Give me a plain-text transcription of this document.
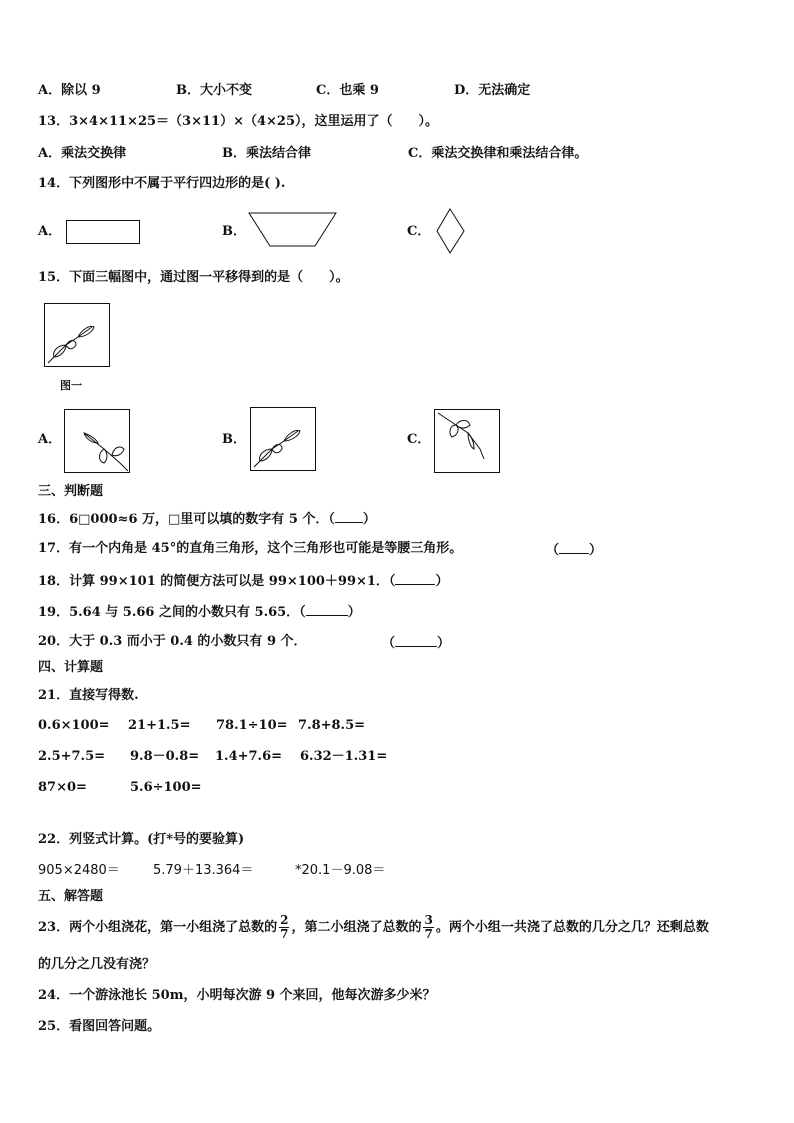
A．除以 9	B．大小不变	C．也乘 9	D．无法确定
13．3×4×11×25＝（3×11）×（4×25），这里运用了（　　）。
A．乘法交换律	B．乘法结合律	C．乘法交换律和乘法结合律。
14．下列图形中不属于平行四边形的是( ).
A．	B．	C．
15．下面三幅图中，通过图一平移得到的是（　　）。
图一
A．	B．	C．
三、判断题
16．6□000≈6 万，□里可以填的数字有 5 个．（ ）
17．有一个内角是 45°的直角三角形，这个三角形也可能是等腰三角形。	（ ）
18．计算 99×101 的简便方法可以是 99×100＋99×1．（	）
19．5.64 与 5.66 之间的小数只有 5.65．（	）
20．大于 0.3 而小于 0.4 的小数只有 9 个．	（	）
四、计算题
21．直接写得数.
0.6×100= 21+1.5= 78.1÷10= 7.8+8.5=
2.5+7.5= 9.8－0.8= 1.4+7.6= 6.32－1.31=
87×0=	5.6÷100=
22．列竖式计算。(打*号的要验算)
905×2480＝	5.79＋13.364＝	*20.1－9.08＝
五、解答题
23．两个小组浇花，第一小组浇了总数的 $\frac{2}{7}$ ，第二小组浇了总数的 $\frac{3}{7}$ 。两个小组一共浇了总数的几分之几？还剩总数
的几分之几没有浇？
24．一个游泳池长 50m，小明每次游 9 个来回，他每次游多少米？
25．看图回答问题。
